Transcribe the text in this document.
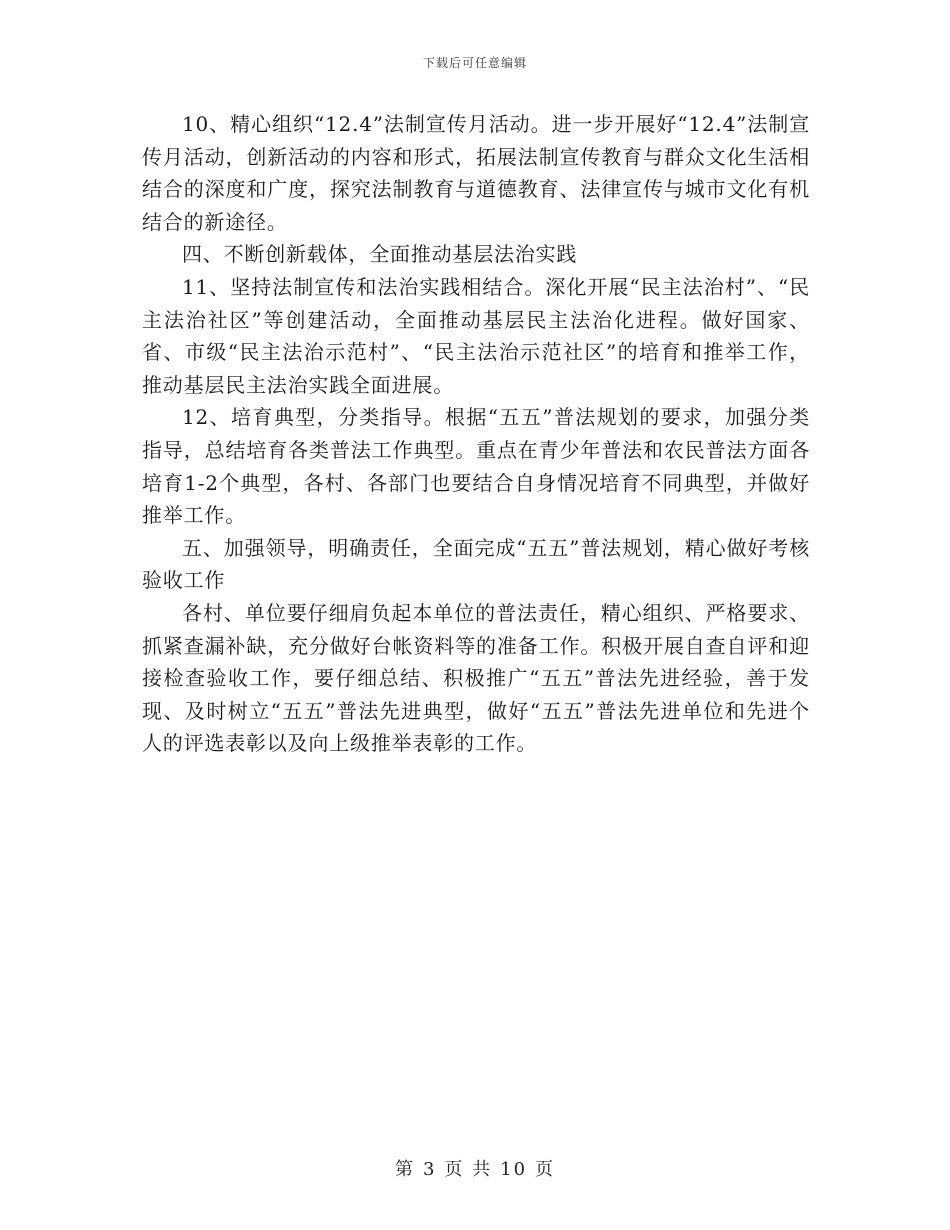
下载后可任意编辑

10、精心组织“12.4”法制宣传月活动。进一步开展好“12.4”法制宣传月活动，创新活动的内容和形式，拓展法制宣传教育与群众文化生活相结合的深度和广度，探究法制教育与道德教育、法律宣传与城市文化有机结合的新途径。

四、不断创新载体，全面推动基层法治实践

11、坚持法制宣传和法治实践相结合。深化开展“民主法治村”、“民主法治社区”等创建活动，全面推动基层民主法治化进程。做好国家、省、市级“民主法治示范村”、“民主法治示范社区”的培育和推举工作，推动基层民主法治实践全面进展。

12、培育典型，分类指导。根据“五五”普法规划的要求，加强分类指导，总结培育各类普法工作典型。重点在青少年普法和农民普法方面各培育1-2个典型，各村、各部门也要结合自身情况培育不同典型，并做好推举工作。

五、加强领导，明确责任，全面完成“五五”普法规划，精心做好考核验收工作

各村、单位要仔细肩负起本单位的普法责任，精心组织、严格要求、抓紧查漏补缺，充分做好台帐资料等的准备工作。积极开展自查自评和迎接检查验收工作，要仔细总结、积极推广“五五”普法先进经验，善于发现、及时树立“五五”普法先进典型，做好“五五”普法先进单位和先进个人的评选表彰以及向上级推举表彰的工作。

第 3 页 共 10 页
